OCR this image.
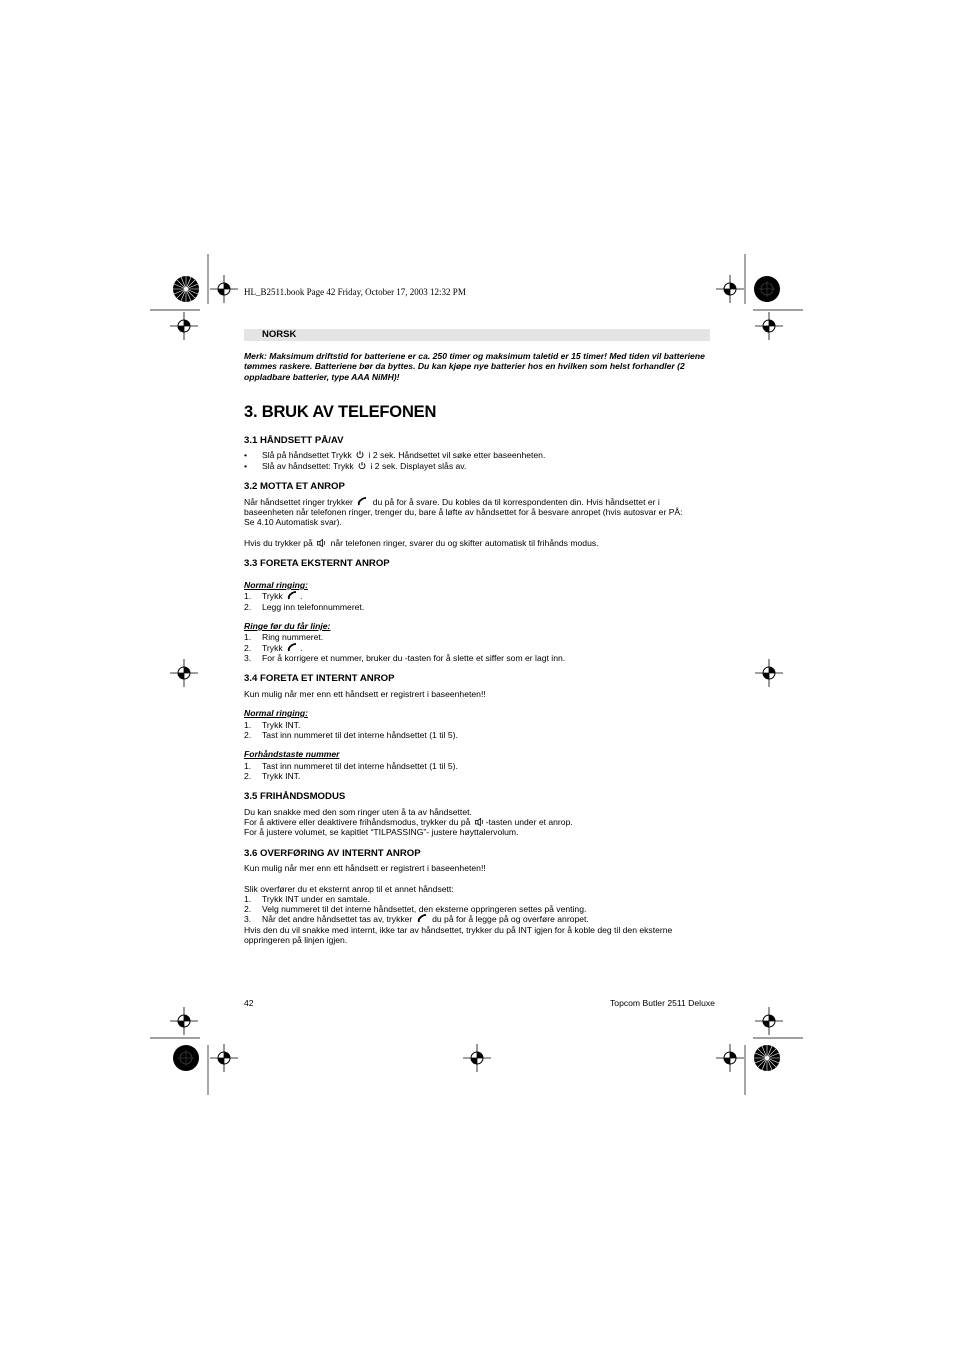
HL_B2511.book Page 42 Friday, October 17, 2003 12:32 PM
NORSK
Merk: Maksimum driftstid for batteriene er ca. 250 timer og maksimum taletid er 15 timer! Med tiden vil batteriene tømmes raskere. Batteriene bør da byttes. Du kan kjøpe nye batterier hos en hvilken som helst forhandler (2 oppladbare batterier, type AAA NiMH)!
3. BRUK AV TELEFONEN
3.1 HÅNDSETT PÅ/AV
• Slå på håndsettet Trykk i 2 sek. Håndsettet vil søke etter baseenheten.
• Slå av håndsettet: Trykk i 2 sek. Displayet slås av.
3.2 MOTTA ET ANROP
Når håndsettet ringer trykker du på for å svare. Du kobles da til korrespondenten din. Hvis håndsettet er i
baseenheten når telefonen ringer, trenger du, bare å løfte av håndsettet for å besvare anropet (hvis autosvar er PÅ:
Se 4.10 Automatisk svar).
Hvis du trykker på når telefonen ringer, svarer du og skifter automatisk til frihånds modus.
3.3 FORETA EKSTERNT ANROP
Normal ringing:
1. Trykk .
2. Legg inn telefonnummeret.
Ringe før du får linje:
1. Ring nummeret.
2. Trykk .
3. For å korrigere et nummer, bruker du -tasten for å slette et siffer som er lagt inn.
3.4 FORETA ET INTERNT ANROP
Kun mulig når mer enn ett håndsett er registrert i baseenheten!!
Normal ringing:
1. Trykk INT.
2. Tast inn nummeret til det interne håndsettet (1 til 5).
Forhåndstaste nummer
1. Tast inn nummeret til det interne håndsettet (1 til 5).
2. Trykk INT.
3.5 FRIHÅNDSMODUS
Du kan snakke med den som ringer uten å ta av håndsettet.
For å aktivere eller deaktivere frihåndsmodus, trykker du på -tasten under et anrop.
For å justere volumet, se kapitlet “TILPASSING”- justere høyttalervolum.
3.6 OVERFØRING AV INTERNT ANROP
Kun mulig når mer enn ett håndsett er registrert i baseenheten!!
Slik overfører du et eksternt anrop til et annet håndsett:
1. Trykk INT under en samtale.
2. Velg nummeret til det interne håndsettet, den eksterne oppringeren settes på venting.
3. Når det andre håndsettet tas av, trykker du på for å legge på og overføre anropet.
Hvis den du vil snakke med internt, ikke tar av håndsettet, trykker du på INT igjen for å koble deg til den eksterne
oppringeren på linjen igjen.
42	Topcom Butler 2511 Deluxe
